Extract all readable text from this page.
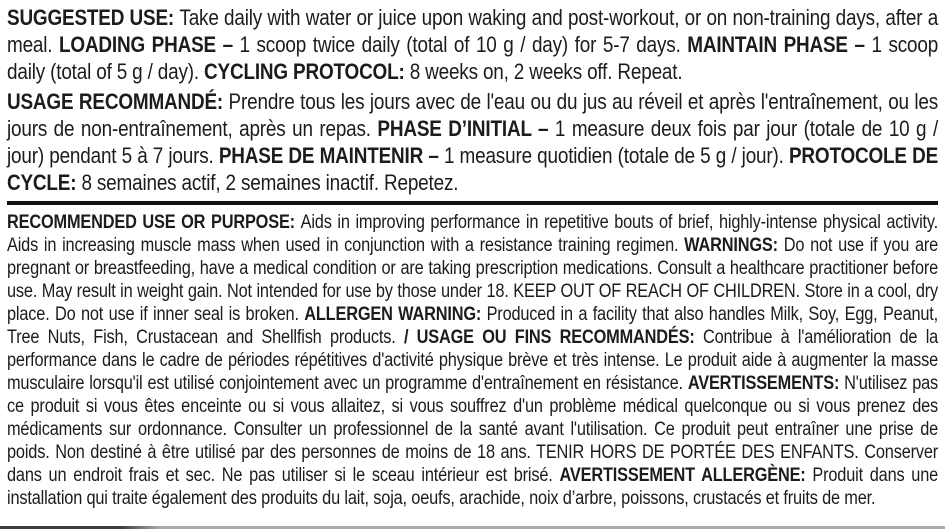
SUGGESTED USE: Take daily with water or juice upon waking and post-workout, or on non-training days, after a meal. LOADING PHASE – 1 scoop twice daily (total of 10 g / day) for 5-7 days. MAINTAIN PHASE – 1 scoop daily (total of 5 g / day). CYCLING PROTOCOL: 8 weeks on, 2 weeks off. Repeat.

USAGE RECOMMANDÉ: Prendre tous les jours avec de l'eau ou du jus au réveil et après l'entraînement, ou les jours de non-entraînement, après un repas. PHASE D’INITIAL – 1 measure deux fois par jour (totale de 10 g / jour) pendant 5 à 7 jours. PHASE DE MAINTENIR – 1 measure quotidien (totale de 5 g / jour). PROTOCOLE DE CYCLE: 8 semaines actif, 2 semaines inactif. Repetez.

RECOMMENDED USE OR PURPOSE: Aids in improving performance in repetitive bouts of brief, highly-intense physical activity. Aids in increasing muscle mass when used in conjunction with a resistance training regimen. WARNINGS: Do not use if you are pregnant or breastfeeding, have a medical condition or are taking prescription medications. Consult a healthcare practitioner before use. May result in weight gain. Not intended for use by those under 18. KEEP OUT OF REACH OF CHILDREN. Store in a cool, dry place. Do not use if inner seal is broken. ALLERGEN WARNING: Produced in a facility that also handles Milk, Soy, Egg, Peanut, Tree Nuts, Fish, Crustacean and Shellfish products. / USAGE OU FINS RECOMMANDÉS: Contribue à l'amélioration de la performance dans le cadre de périodes répétitives d'activité physique brève et très intense. Le produit aide à augmenter la masse musculaire lorsqu'il est utilisé conjointement avec un programme d'entraînement en résistance. AVERTISSEMENTS: N'utilisez pas ce produit si vous êtes enceinte ou si vous allaitez, si vous souffrez d'un problème médical quelconque ou si vous prenez des médicaments sur ordonnance. Consulter un professionnel de la santé avant l'utilisation. Ce produit peut entraîner une prise de poids. Non destiné à être utilisé par des personnes de moins de 18 ans. TENIR HORS DE PORTÉE DES ENFANTS. Conserver dans un endroit frais et sec. Ne pas utiliser si le sceau intérieur est brisé. AVERTISSEMENT ALLERGÈNE: Produit dans une installation qui traite également des produits du lait, soja, oeufs, arachide, noix d’arbre, poissons, crustacés et fruits de mer.
